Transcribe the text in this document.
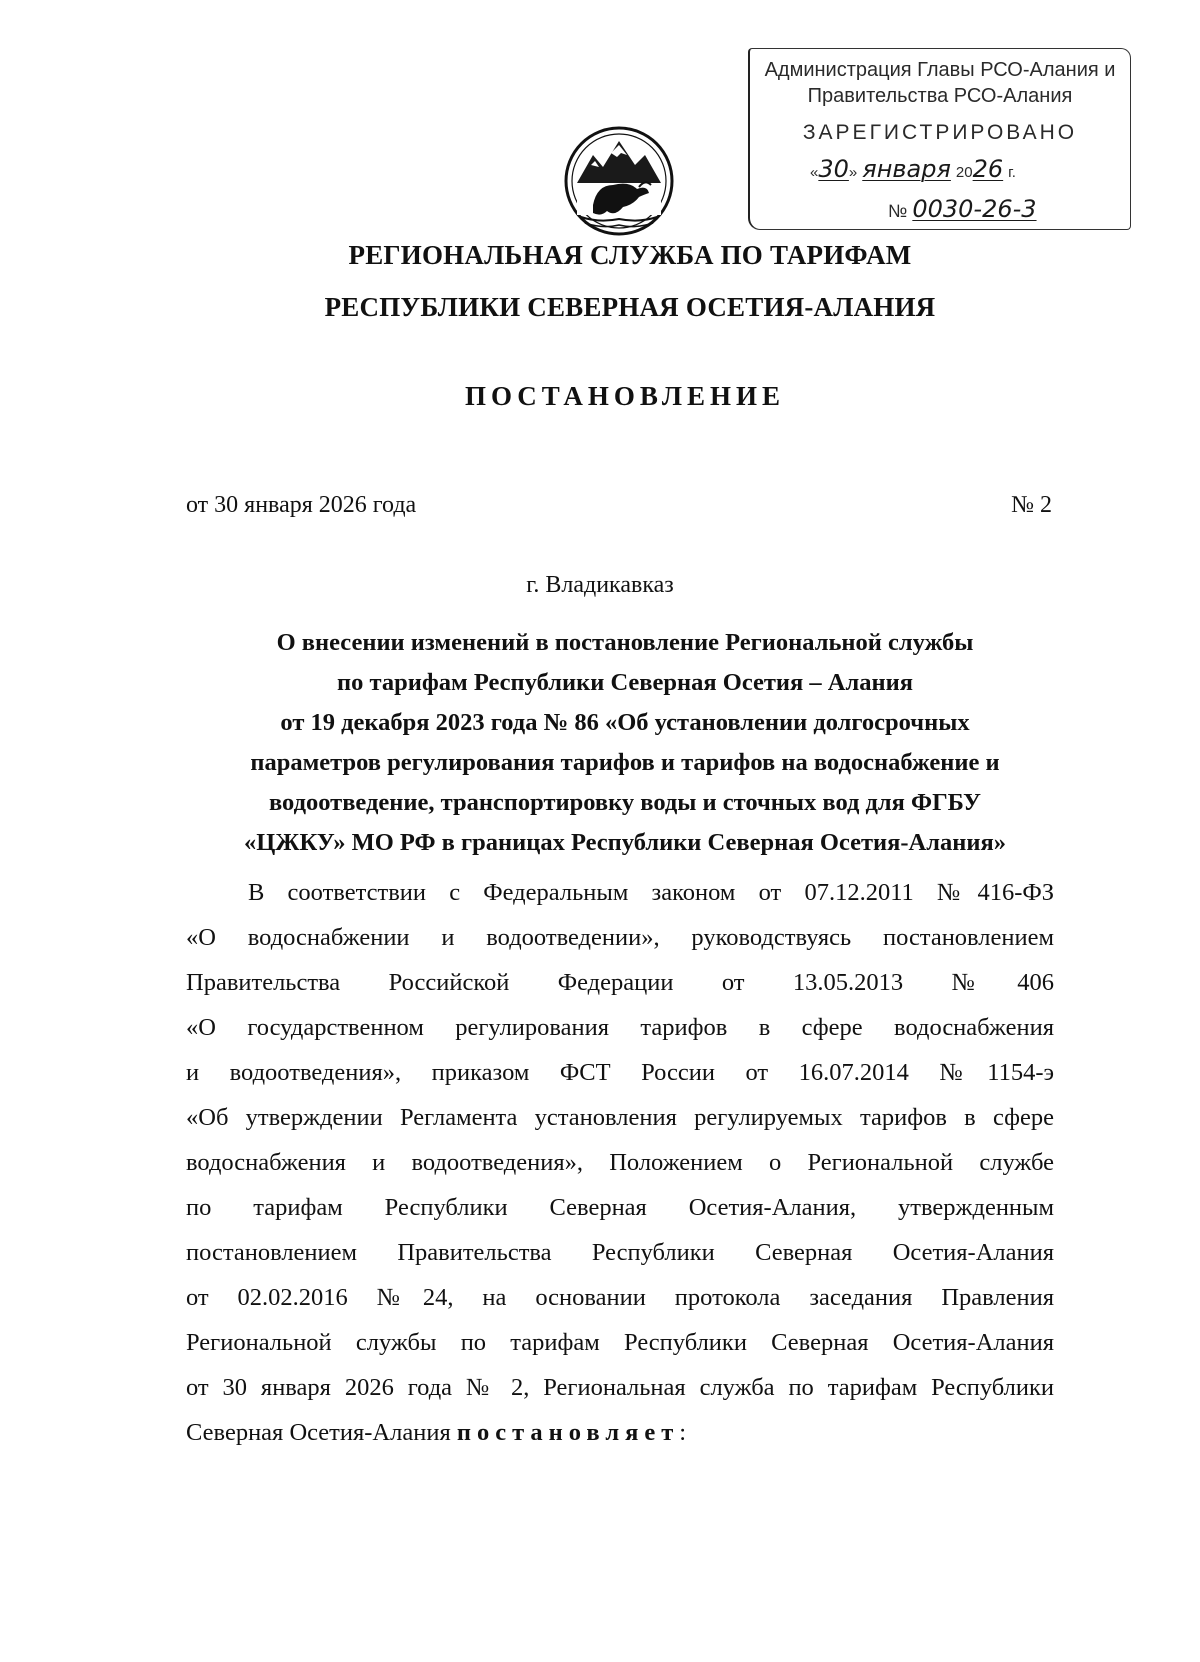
Администрация Главы РСО-Алания и
Правительства РСО-Алания
ЗАРЕГИСТРИРОВАНО
«30» января 2026 г.
№ 0030-26-3
РЕГИОНАЛЬНАЯ СЛУЖБА ПО ТАРИФАМ
РЕСПУБЛИКИ СЕВЕРНАЯ ОСЕТИЯ-АЛАНИЯ
ПОСТАНОВЛЕНИЕ
от 30 января 2026 года	№ 2
г. Владикавказ
О внесении изменений в постановление Региональной службы
по тарифам Республики Северная Осетия – Алания
от 19 декабря 2023 года № 86 «Об установлении долгосрочных
параметров регулирования тарифов и тарифов на водоснабжение и
водоотведение, транспортировку воды и сточных вод для ФГБУ
«ЦЖКУ» МО РФ в границах Республики Северная Осетия-Алания»
В соответствии с Федеральным законом от 07.12.2011 №416-ФЗ
«О водоснабжении и водоотведении», руководствуясь постановлением
Правительства Российской Федерации от 13.05.2013 №406
«О государственном регулирования тарифов в сфере водоснабжения
и водоотведения», приказом ФСТ России от 16.07.2014 №1154-э
«Об утверждении Регламента установления регулируемых тарифов в сфере
водоснабжения и водоотведения», Положением о Региональной службе
по тарифам Республики Северная Осетия-Алания, утвержденным
постановлением Правительства Республики Северная Осетия-Алания
от 02.02.2016 №24, на основании протокола заседания Правления
Региональной службы по тарифам Республики Северная Осетия-Алания
от 30 января 2026 года № 2, Региональная служба по тарифам Республики
Северная Осетия-Алания постановляет:
